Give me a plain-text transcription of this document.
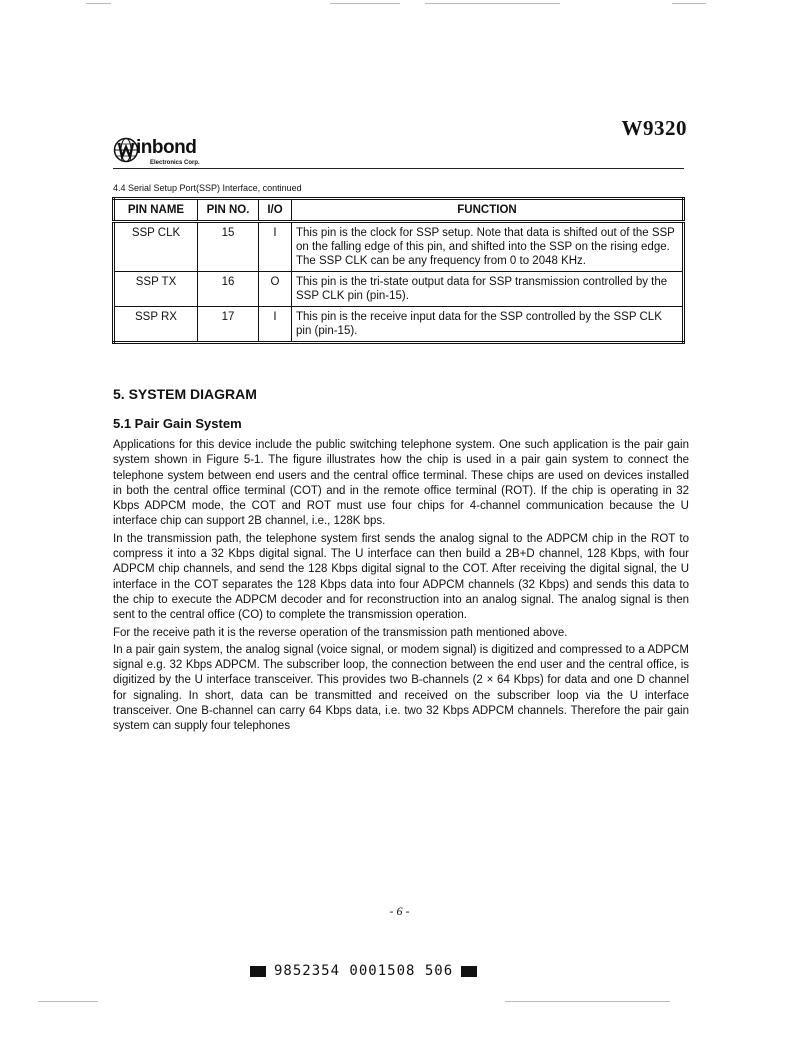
W9320
inbond
Electronics Corp.
4.4 Serial Setup Port(SSP) Interface, continued
PIN NAME	PIN NO.	I/O	FUNCTION
SSP CLK	15	I	This pin is the clock for SSP setup. Note that data is shifted out of the SSP on the falling edge of this pin, and shifted into the SSP on the rising edge. The SSP CLK can be any frequency from 0 to 2048 KHz.
SSP TX	16	O	This pin is the tri-state output data for SSP transmission controlled by the SSP CLK pin (pin-15).
SSP RX	17	I	This pin is the receive input data for the SSP controlled by the SSP CLK pin (pin-15).
5. SYSTEM DIAGRAM
5.1 Pair Gain System

Applications for this device include the public switching telephone system. One such application is the pair gain system shown in Figure 5-1. The figure illustrates how the chip is used in a pair gain system to connect the telephone system between end users and the central office terminal. These chips are used on devices installed in both the central office terminal (COT) and in the remote office terminal (ROT). If the chip is operating in 32 Kbps ADPCM mode, the COT and ROT must use four chips for 4-channel communication because the U interface chip can support 2B channel, i.e., 128K bps.

In the transmission path, the telephone system first sends the analog signal to the ADPCM chip in the ROT to compress it into a 32 Kbps digital signal. The U interface can then build a 2B+D channel, 128 Kbps, with four ADPCM chip channels, and send the 128 Kbps digital signal to the COT. After receiving the digital signal, the U interface in the COT separates the 128 Kbps data into four ADPCM channels (32 Kbps) and sends this data to the chip to execute the ADPCM decoder and for reconstruction into an analog signal. The analog signal is then sent to the central office (CO) to complete the transmission operation.

For the receive path it is the reverse operation of the transmission path mentioned above.

In a pair gain system, the analog signal (voice signal, or modem signal) is digitized and compressed to a ADPCM signal e.g. 32 Kbps ADPCM. The subscriber loop, the connection between the end user and the central office, is digitized by the U interface transceiver. This provides two B-channels (2 × 64 Kbps) for data and one D channel for signaling. In short, data can be transmitted and received on the subscriber loop via the U interface transceiver. One B-channel can carry 64 Kbps data, i.e. two 32 Kbps ADPCM channels. Therefore the pair gain system can supply four telephones

- 6 -
9852354 0001508 506
